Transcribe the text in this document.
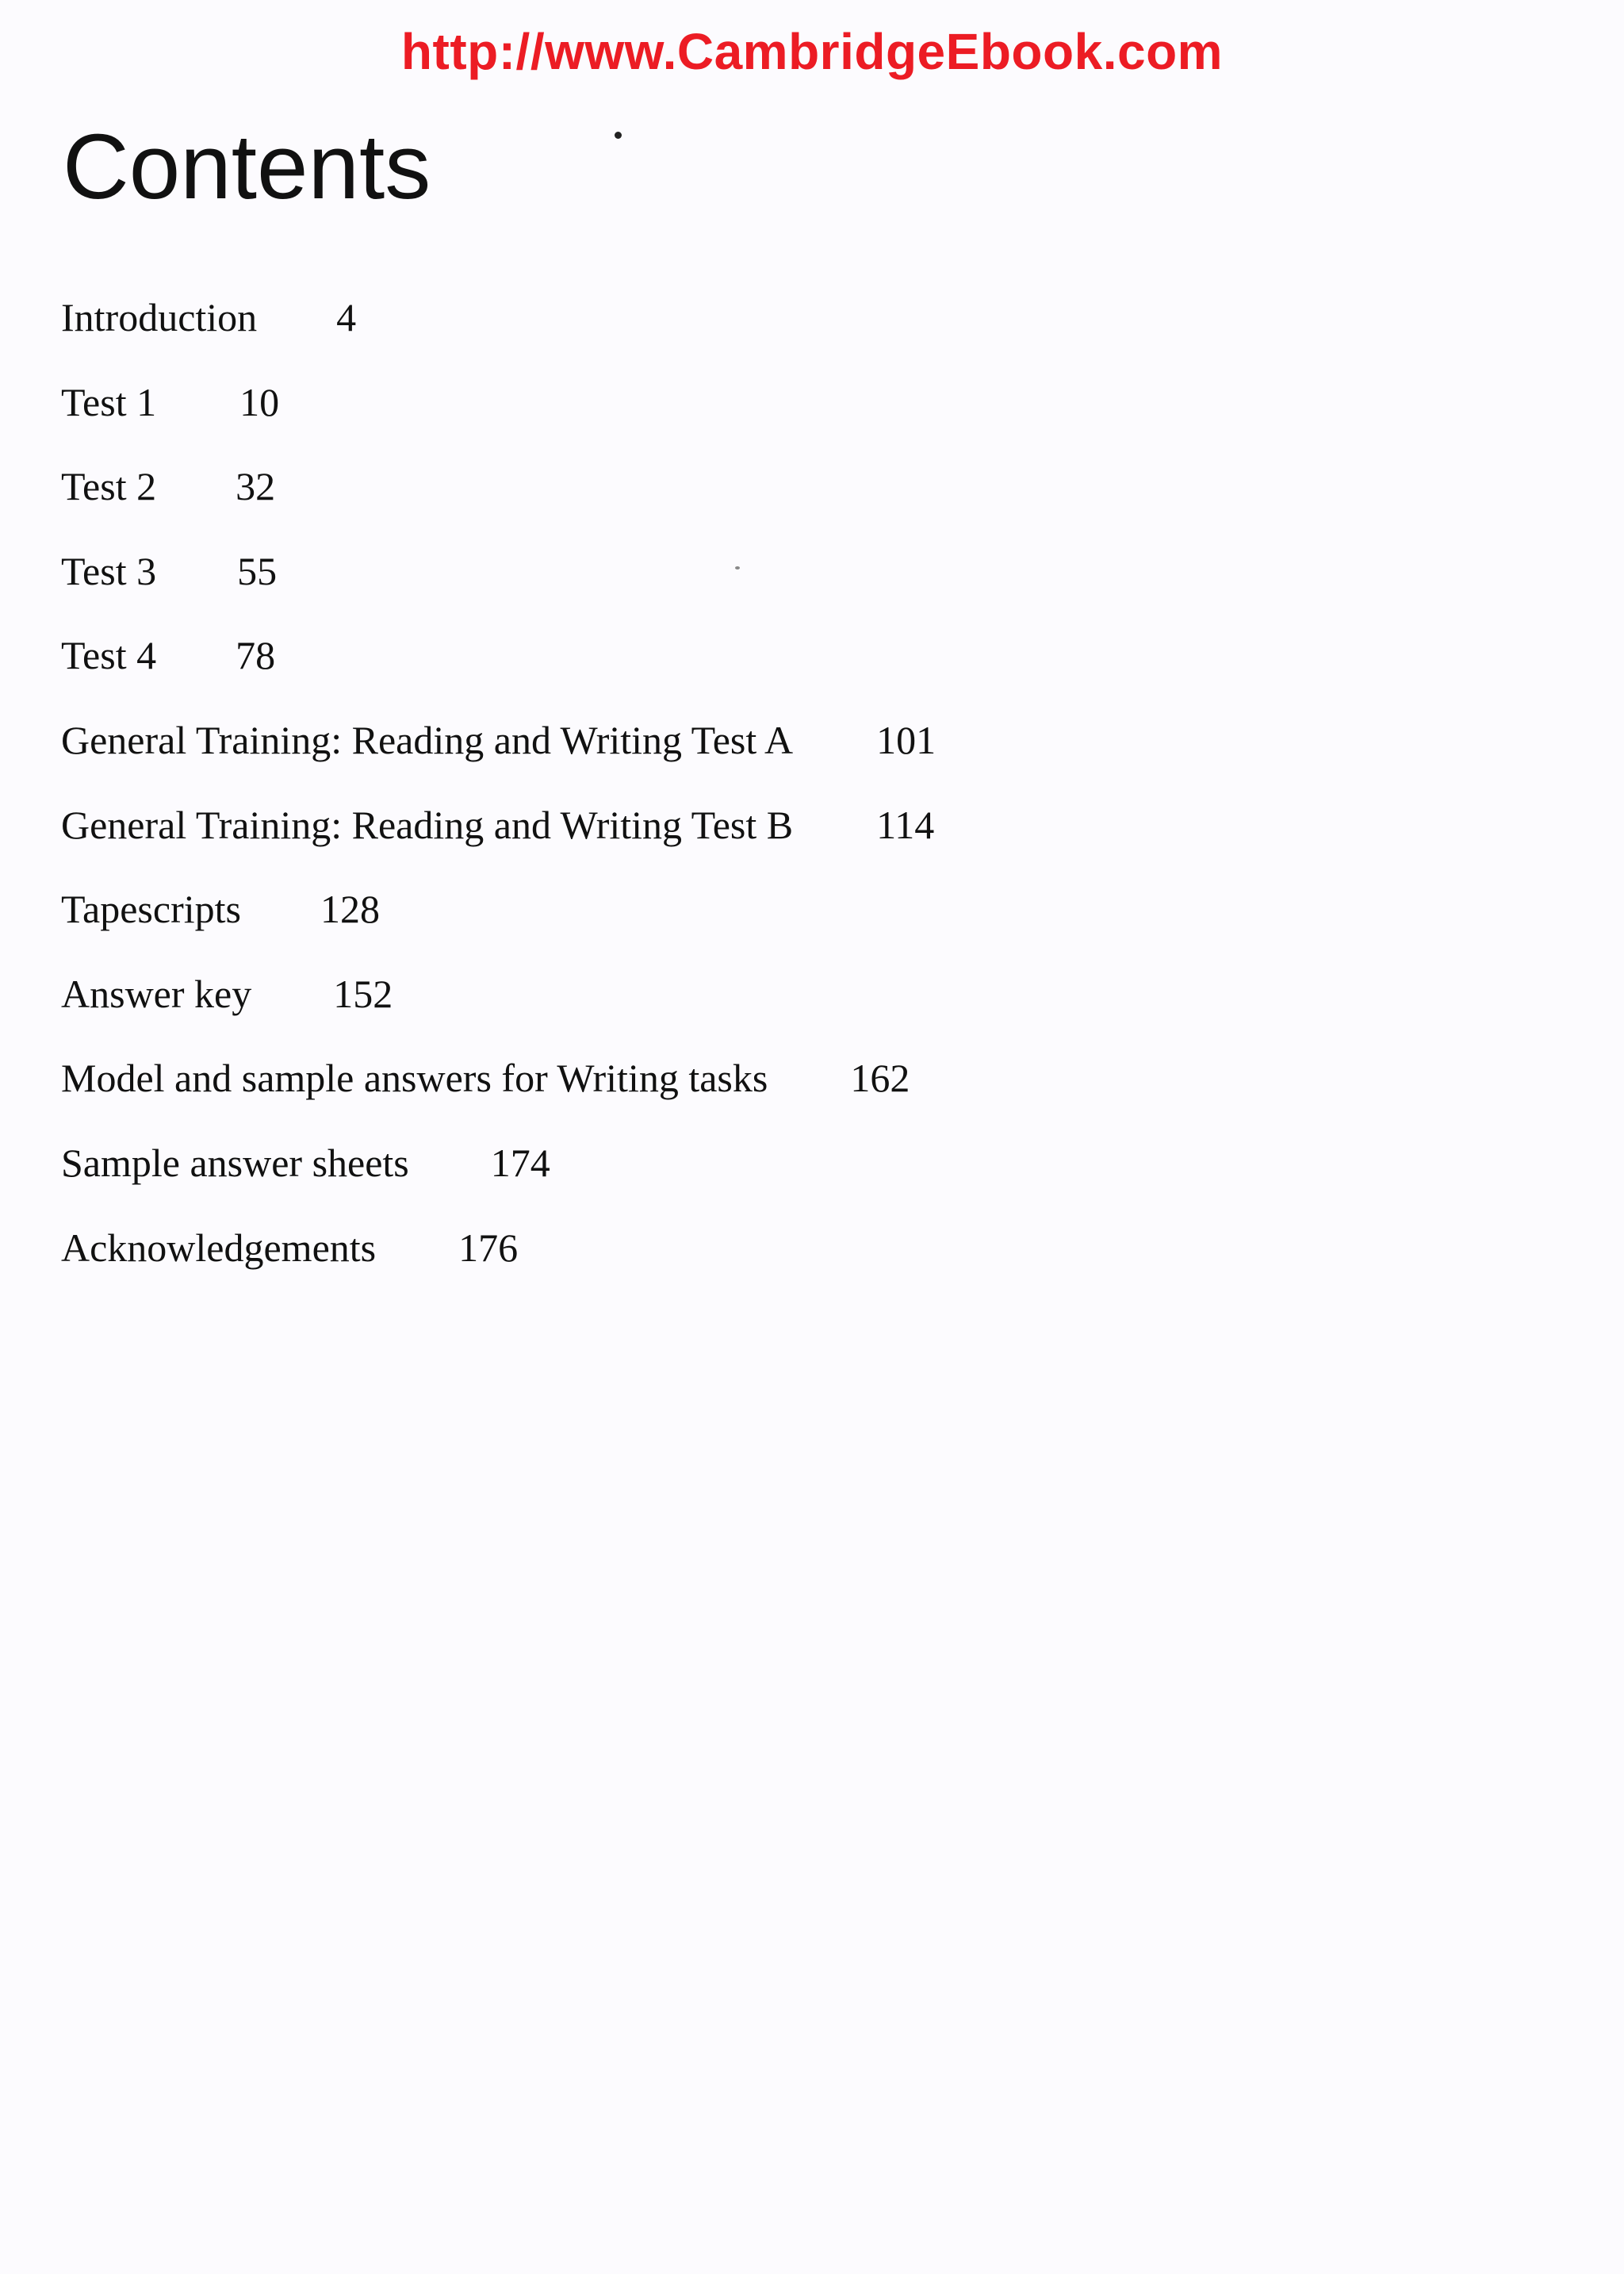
http://www.CambridgeEbook.com
Contents
Introduction 4
Test 1 10
Test 2 32
Test 3 55
Test 4 78
General Training: Reading and Writing Test A 101
General Training: Reading and Writing Test B 114
Tapescripts 128
Answer key 152
Model and sample answers for Writing tasks 162
Sample answer sheets 174
Acknowledgements 176
